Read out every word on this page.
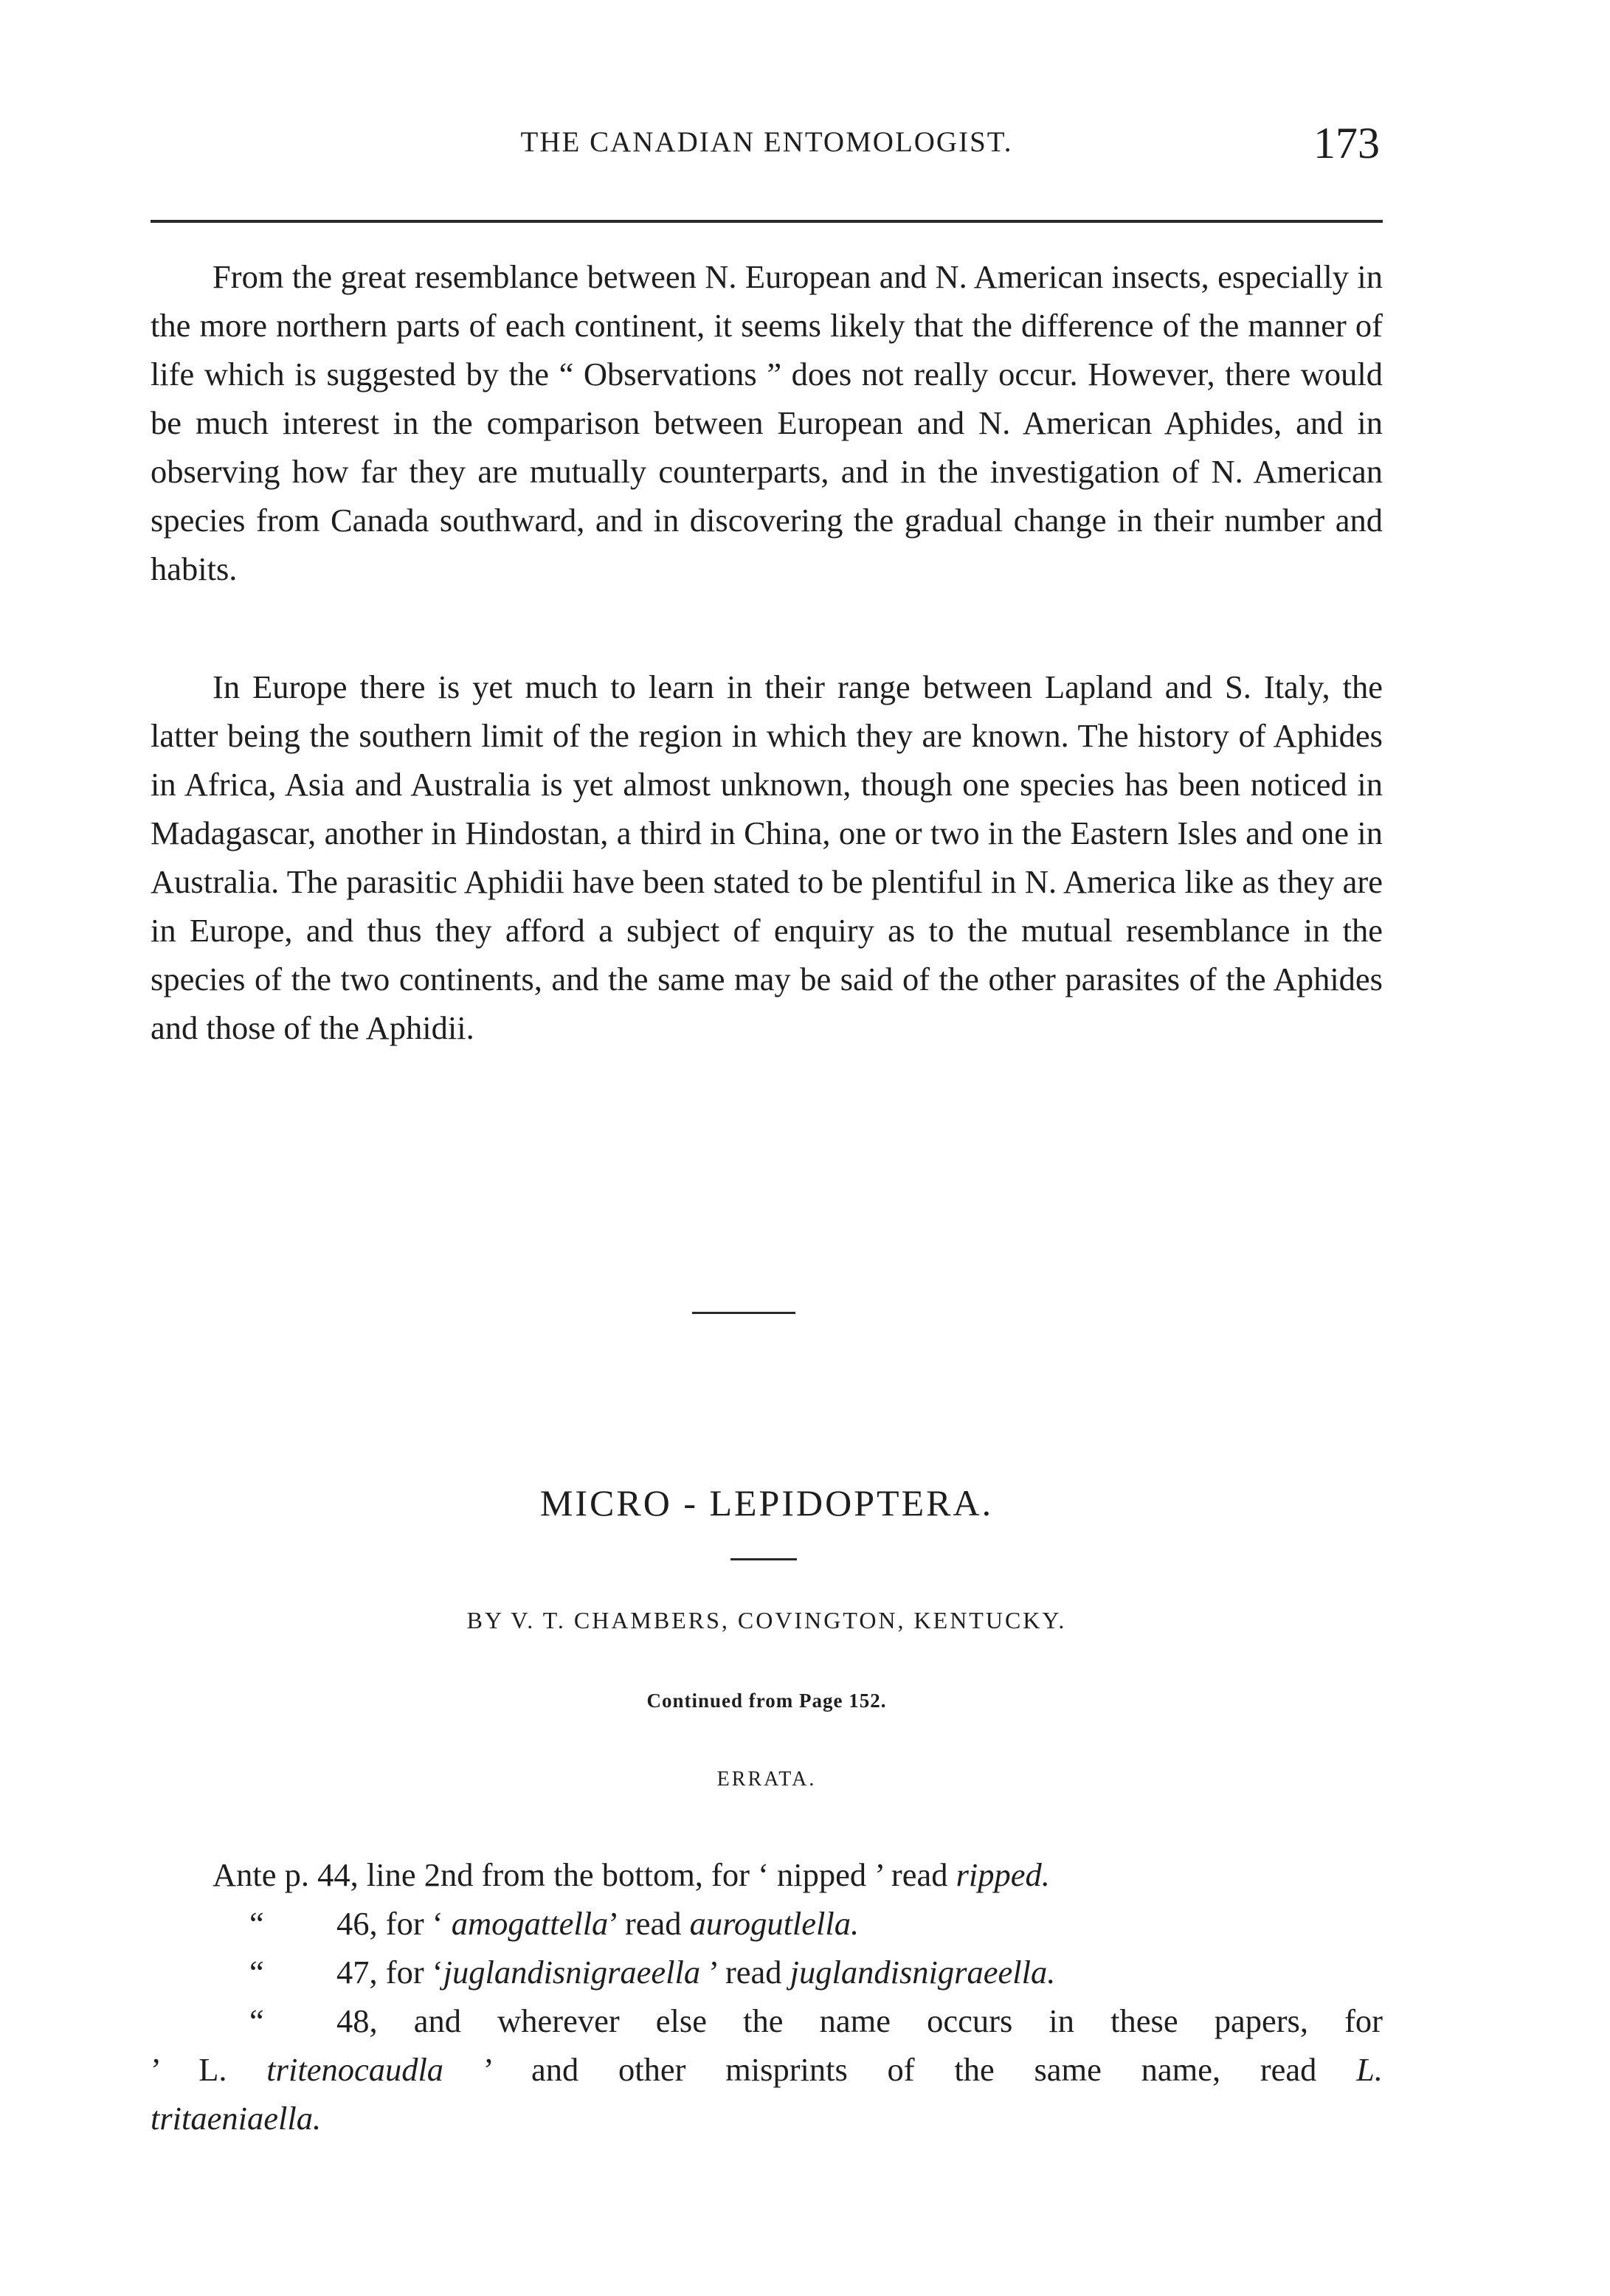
THE CANADIAN ENTOMOLOGIST.	173

From the great resemblance between N. European and N. American insects, especially in the more northern parts of each continent, it seems likely that the difference of the manner of life which is suggested by the “ Observations ” does not really occur. However, there would be much interest in the comparison between European and N. American Aphides, and in observing how far they are mutually counterparts, and in the investigation of N. American species from Canada southward, and in discovering the gradual change in their number and habits.

In Europe there is yet much to learn in their range between Lapland and S. Italy, the latter being the southern limit of the region in which they are known. The history of Aphides in Africa, Asia and Australia is yet almost unknown, though one species has been noticed in Madagascar, another in Hindostan, a third in China, one or two in the Eastern Isles and one in Australia. The parasitic Aphidii have been stated to be plentiful in N. America like as they are in Europe, and thus they afford a subject of enquiry as to the mutual resemblance in the species of the two continents, and the same may be said of the other parasites of the Aphides and those of the Aphidii.

MICRO - LEPIDOPTERA.
BY V. T. CHAMBERS, COVINGTON, KENTUCKY.
Continued from Page 152.
ERRATA.
Ante p. 44, line 2nd from the bottom, for ‘ nipped ’ read ripped.
“ 46, for ‘ amogattella’ read aurogutlella.
“ 47, for ‘juglandisnigraeella ’ read juglandisnigraeella.
“ 48, and wherever else the name occurs in these papers, for
’ L. tritenocaudla ’ and other misprints of the same name, read L.
tritaeniaella.
